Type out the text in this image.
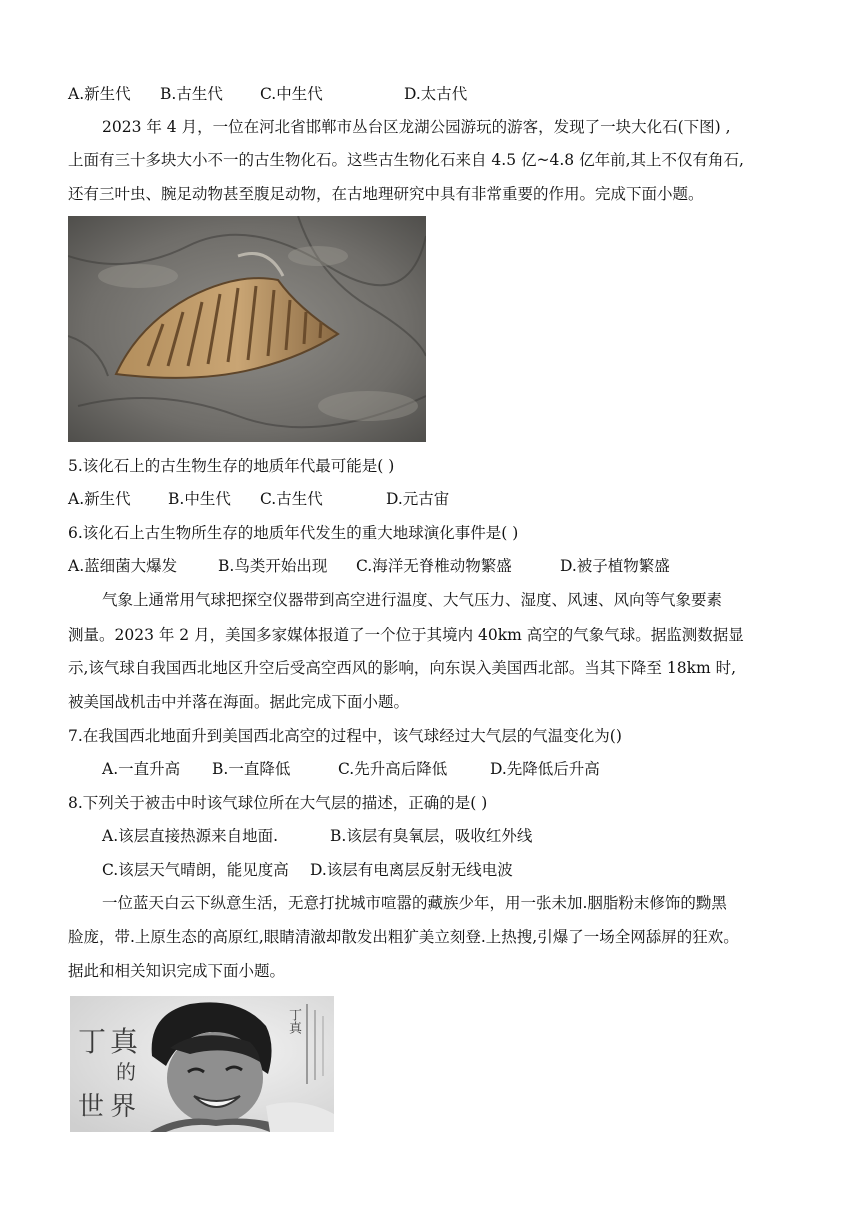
A.新生代 B.古生代 C.中生代	D.太古代
2023 年 4 月，一位在河北省邯郸市丛台区龙湖公园游玩的游客，发现了一块大化石(下图) ,
上面有三十多块大小不一的古生物化石。这些古生物化石来自 4.5 亿~4.8 亿年前,其上不仅有角石,
还有三叶虫、腕足动物甚至腹足动物，在古地理研究中具有非常重要的作用。完成下面小题。
5.该化石上的古生物生存的地质年代最可能是( )
A.新生代 B.中生代 C.古生代	D.元古宙
6.该化石上古生物所生存的地质年代发生的重大地球演化事件是( )
A.蓝细菌大爆发	B.鸟类开始出现 C.海洋无脊椎动物繁盛	D.被子植物繁盛
气象上通常用气球把探空仪器带到高空进行温度、大气压力、湿度、风速、风向等气象要素
测量。2023 年 2 月，美国多家媒体报道了一个位于其境内 40km 高空的气象气球。据监测数据显
示,该气球自我国西北地区升空后受高空西风的影响，向东误入美国西北部。当其下降至 18km 时,
被美国战机击中并落在海面。据此完成下面小题。
7.在我国西北地面升到美国西北高空的过程中，该气球经过大气层的气温变化为()
A.一直升高 B.一直降低	C.先升高后降低	D.先降低后升高
8.下列关于被击中时该气球位所在大气层的描述，正确的是( )
A.该层直接热源来自地面.	B.该层有臭氧层，吸收红外线
C.该层天气晴朗，能见度高 D.该层有电离层反射无线电波
一位蓝天白云下纵意生活，无意打扰城市喧嚣的藏族少年，用一张未加.胭脂粉末修饰的黝黑
脸庞，带.上原生态的高原红,眼睛清澈却散发出粗犷美立刻登.上热搜,引爆了一场全网舔屏的狂欢。
据此和相关知识完成下面小题。
丁 真
的
世 界
丁真
